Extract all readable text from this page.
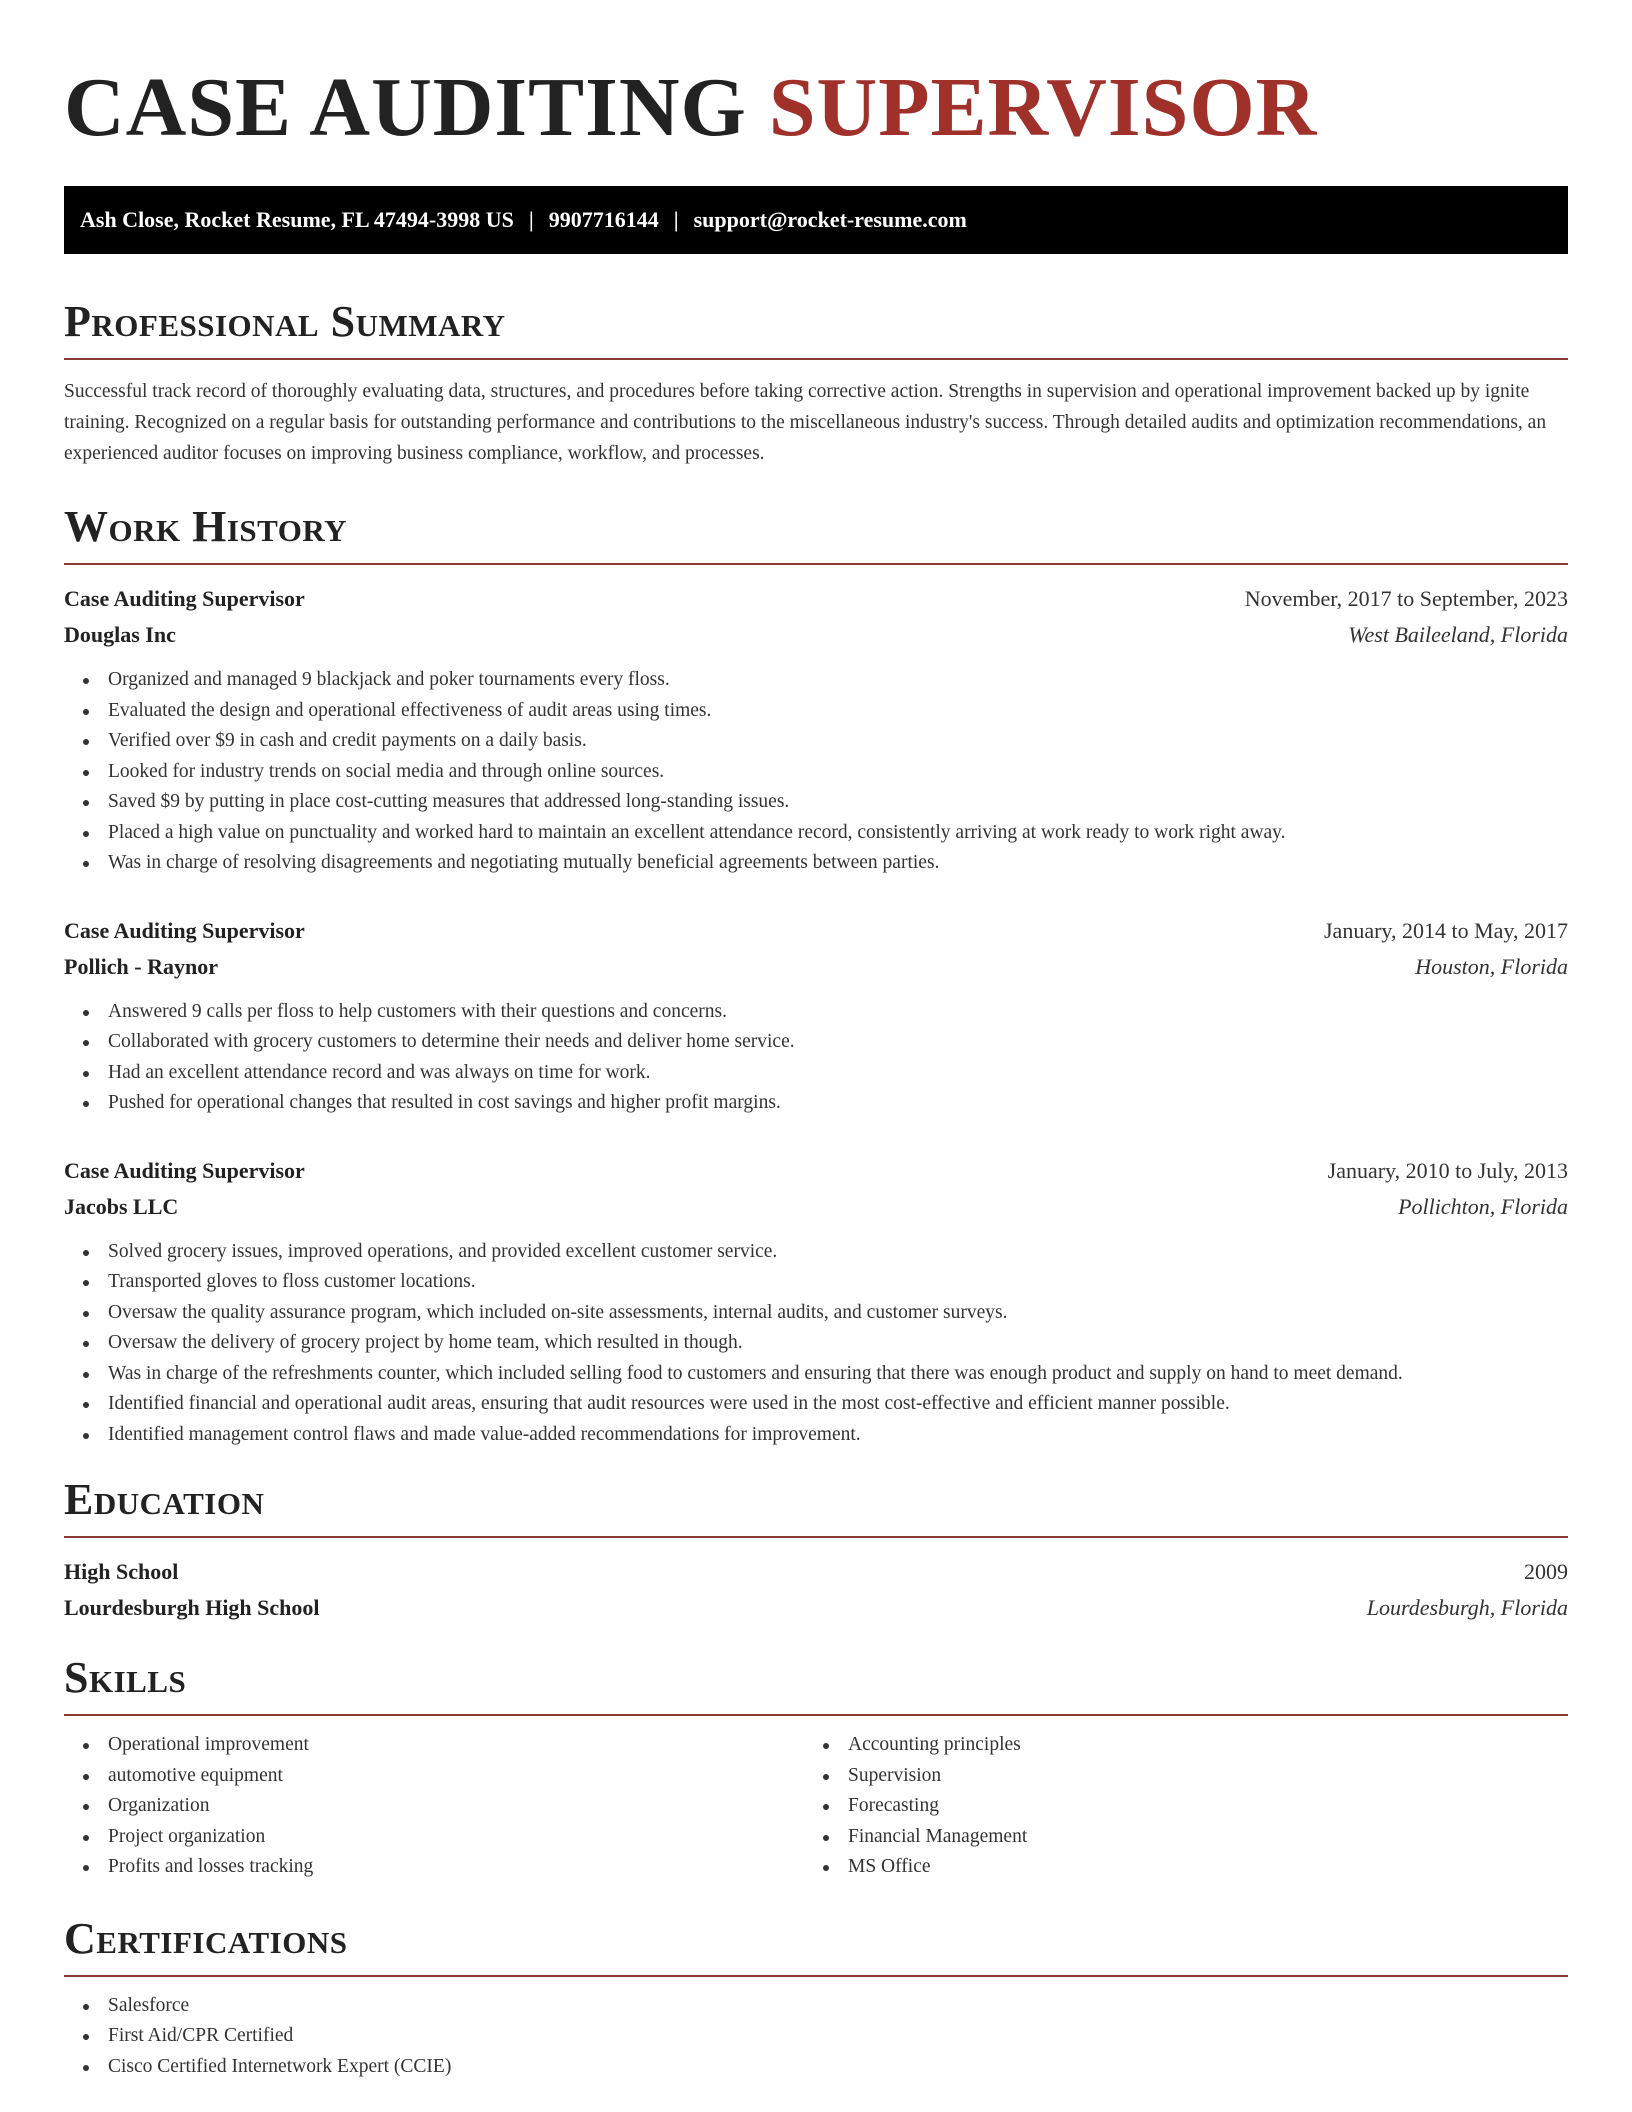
CASE AUDITING SUPERVISOR
Ash Close, Rocket Resume, FL 47494-3998 US | 9907716144 | support@rocket-resume.com
Professional Summary

Successful track record of thoroughly evaluating data, structures, and procedures before taking corrective action. Strengths in supervision and operational improvement backed up by ignite training. Recognized on a regular basis for outstanding performance and contributions to the miscellaneous industry's success. Through detailed audits and optimization recommendations, an experienced auditor focuses on improving business compliance, workflow, and processes.

Work History
Case Auditing Supervisor	November, 2017 to September, 2023
Douglas Inc	West Baileeland, Florida
Organized and managed 9 blackjack and poker tournaments every floss.
Evaluated the design and operational effectiveness of audit areas using times.
Verified over $9 in cash and credit payments on a daily basis.
Looked for industry trends on social media and through online sources.
Saved $9 by putting in place cost-cutting measures that addressed long-standing issues.
Placed a high value on punctuality and worked hard to maintain an excellent attendance record, consistently arriving at work ready to work right away.
Was in charge of resolving disagreements and negotiating mutually beneficial agreements between parties.
Case Auditing Supervisor	January, 2014 to May, 2017
Pollich - Raynor	Houston, Florida
Answered 9 calls per floss to help customers with their questions and concerns.
Collaborated with grocery customers to determine their needs and deliver home service.
Had an excellent attendance record and was always on time for work.
Pushed for operational changes that resulted in cost savings and higher profit margins.
Case Auditing Supervisor	January, 2010 to July, 2013
Jacobs LLC	Pollichton, Florida
Solved grocery issues, improved operations, and provided excellent customer service.
Transported gloves to floss customer locations.
Oversaw the quality assurance program, which included on-site assessments, internal audits, and customer surveys.
Oversaw the delivery of grocery project by home team, which resulted in though.
Was in charge of the refreshments counter, which included selling food to customers and ensuring that there was enough product and supply on hand to meet demand.
Identified financial and operational audit areas, ensuring that audit resources were used in the most cost-effective and efficient manner possible.
Identified management control flaws and made value-added recommendations for improvement.
Education
High School	2009
Lourdesburgh High School	Lourdesburgh, Florida
Skills
Operational improvement
automotive equipment
Organization
Project organization
Profits and losses tracking
Accounting principles
Supervision
Forecasting
Financial Management
MS Office
Certifications
Salesforce
First Aid/CPR Certified
Cisco Certified Internetwork Expert (CCIE)
